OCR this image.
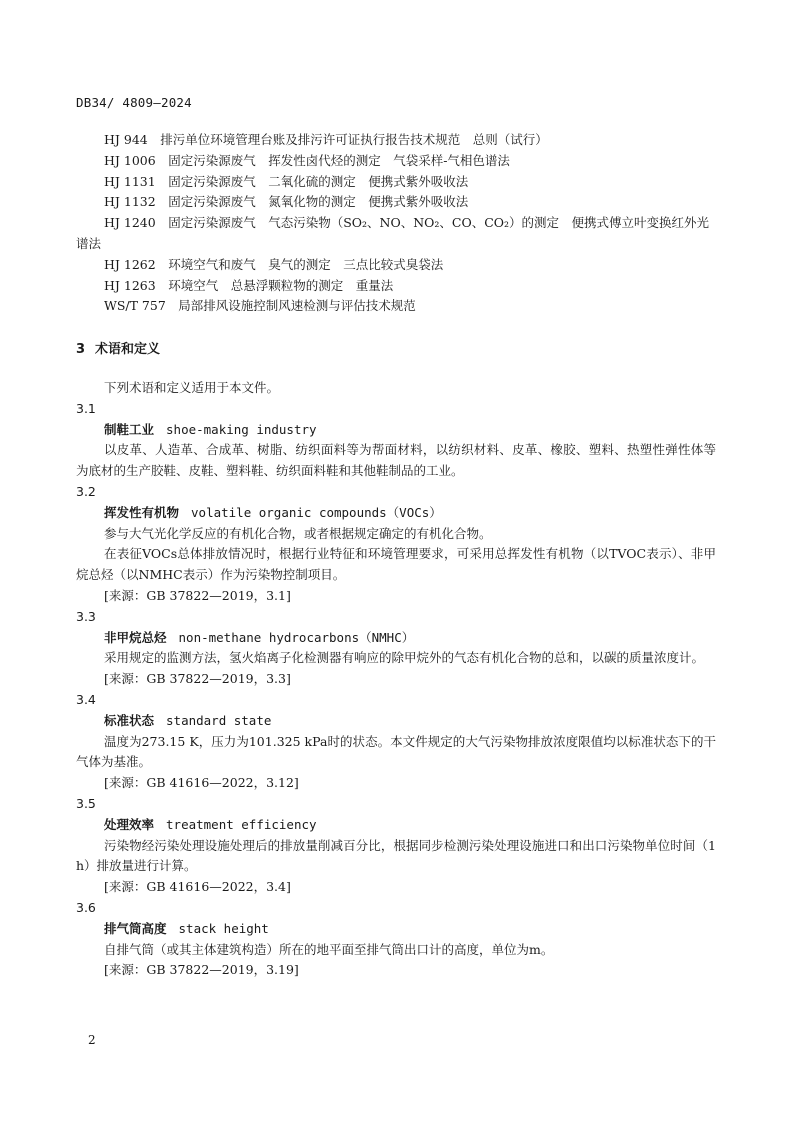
DB34/ 4809—2024
HJ 944　排污单位环境管理台账及排污许可证执行报告技术规范　总则（试行）
HJ 1006　固定污染源废气　挥发性卤代烃的测定　气袋采样-气相色谱法
HJ 1131　固定污染源废气　二氧化硫的测定　便携式紫外吸收法
HJ 1132　固定污染源废气　氮氧化物的测定　便携式紫外吸收法
HJ 1240　固定污染源废气　气态污染物（SO₂、NO、NO₂、CO、CO₂）的测定　便携式傅立叶变换红外光谱法
HJ 1262　环境空气和废气　臭气的测定　三点比较式臭袋法
HJ 1263　环境空气　总悬浮颗粒物的测定　重量法
WS/T 757　局部排风设施控制风速检测与评估技术规范
3 术语和定义
下列术语和定义适用于本文件。
3.1
制鞋工业 shoe-making industry
以皮革、人造革、合成革、树脂、纺织面料等为帮面材料，以纺织材料、皮革、橡胶、塑料、热塑性弹性体等为底材的生产胶鞋、皮鞋、塑料鞋、纺织面料鞋和其他鞋制品的工业。
3.2
挥发性有机物 volatile organic compounds（VOCs）
参与大气光化学反应的有机化合物，或者根据规定确定的有机化合物。
在表征VOCs总体排放情况时，根据行业特征和环境管理要求，可采用总挥发性有机物（以TVOC表示）、非甲烷总烃（以NMHC表示）作为污染物控制项目。
[来源：GB 37822—2019，3.1]
3.3
非甲烷总烃 non-methane hydrocarbons（NMHC）
采用规定的监测方法，氢火焰离子化检测器有响应的除甲烷外的气态有机化合物的总和，以碳的质量浓度计。
[来源：GB 37822—2019，3.3]
3.4
标准状态 standard state
温度为273.15 K，压力为101.325 kPa时的状态。本文件规定的大气污染物排放浓度限值均以标准状态下的干气体为基准。
[来源：GB 41616—2022，3.12]
3.5
处理效率 treatment efficiency
污染物经污染处理设施处理后的排放量削减百分比，根据同步检测污染处理设施进口和出口污染物单位时间（1 h）排放量进行计算。
[来源：GB 41616—2022，3.4]
3.6
排气筒高度 stack height
自排气筒（或其主体建筑构造）所在的地平面至排气筒出口计的高度，单位为m。
[来源：GB 37822—2019，3.19]
2
